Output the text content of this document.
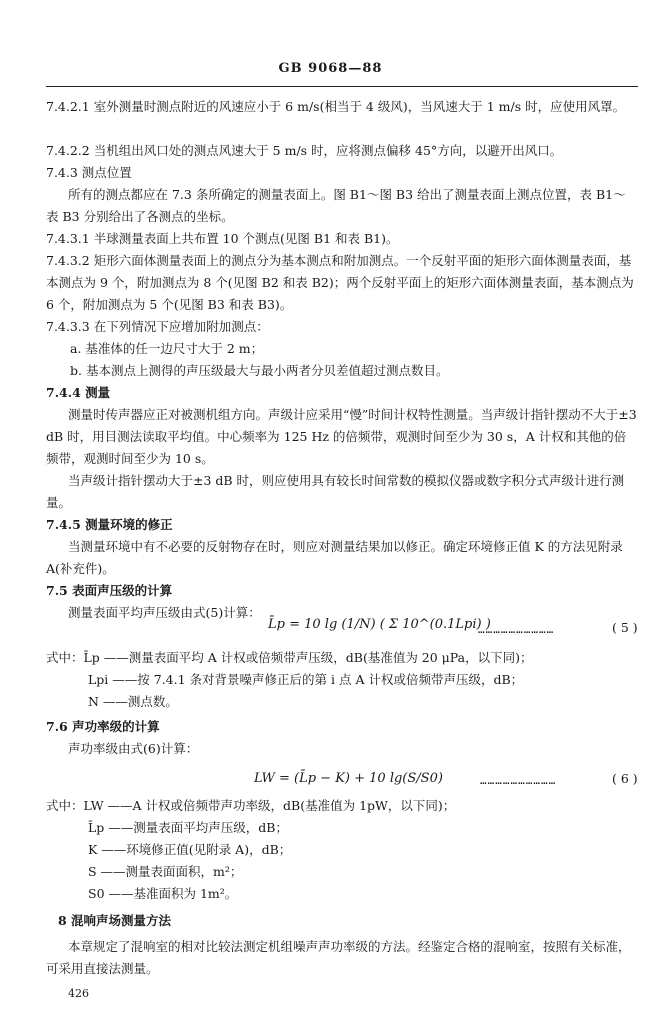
GB 9068—88
7.4.2.1 室外测量时测点附近的风速应小于 6 m/s(相当于 4 级风)，当风速大于 1 m/s 时，应使用风罩。
7.4.2.2 当机组出风口处的测点风速大于 5 m/s 时，应将测点偏移 45°方向，以避开出风口。
7.4.3 测点位置
所有的测点都应在 7.3 条所确定的测量表面上。图 B1～图 B3 给出了测量表面上测点位置，表 B1～表 B3 分别给出了各测点的坐标。
7.4.3.1 半球测量表面上共布置 10 个测点(见图 B1 和表 B1)。
7.4.3.2 矩形六面体测量表面上的测点分为基本测点和附加测点。一个反射平面的矩形六面体测量表面，基本测点为 9 个，附加测点为 8 个(见图 B2 和表 B2)；两个反射平面上的矩形六面体测量表面，基本测点为 6 个，附加测点为 5 个(见图 B3 和表 B3)。
7.4.3.3 在下列情况下应增加附加测点：
a. 基准体的任一边尺寸大于 2 m；
b. 基本测点上测得的声压级最大与最小两者分贝差值超过测点数目。
7.4.4 测量
测量时传声器应正对被测机组方向。声级计应采用“慢”时间计权特性测量。当声级计指针摆动不大于±3 dB 时，用目测法读取平均值。中心频率为 125 Hz 的倍频带，观测时间至少为 30 s，A 计权和其他的倍频带，观测时间至少为 10 s。
当声级计指针摆动大于±3 dB 时，则应使用具有较长时间常数的模拟仪器或数字积分式声级计进行测量。
7.4.5 测量环境的修正
当测量环境中有不必要的反射物存在时，则应对测量结果加以修正。确定环境修正值 K 的方法见附录 A(补充件)。
7.5 表面声压级的计算
测量表面平均声压级由式(5)计算：
L̄p = 10 lg (1/N) ( Σ 10^(0.1Lpi) )
…………………………	( 5 )
式中：L̄p ——测量表面平均 A 计权或倍频带声压级，dB(基准值为 20 μPa，以下同)；
Lpi ——按 7.4.1 条对背景噪声修正后的第 i 点 A 计权或倍频带声压级，dB；
N ——测点数。
7.6 声功率级的计算
声功率级由式(6)计算：
LW = (L̄p − K) + 10 lg(S/S0)	…………………………	( 6 )
式中：LW ——A 计权或倍频带声功率级，dB(基准值为 1pW，以下同)；
L̄p ——测量表面平均声压级，dB；
K ——环境修正值(见附录 A)，dB；
S ——测量表面面积，m²；
S0 ——基准面积为 1m²。
8 混响声场测量方法
本章规定了混响室的相对比较法测定机组噪声声功率级的方法。经鉴定合格的混响室，按照有关标准，可采用直接法测量。
426
